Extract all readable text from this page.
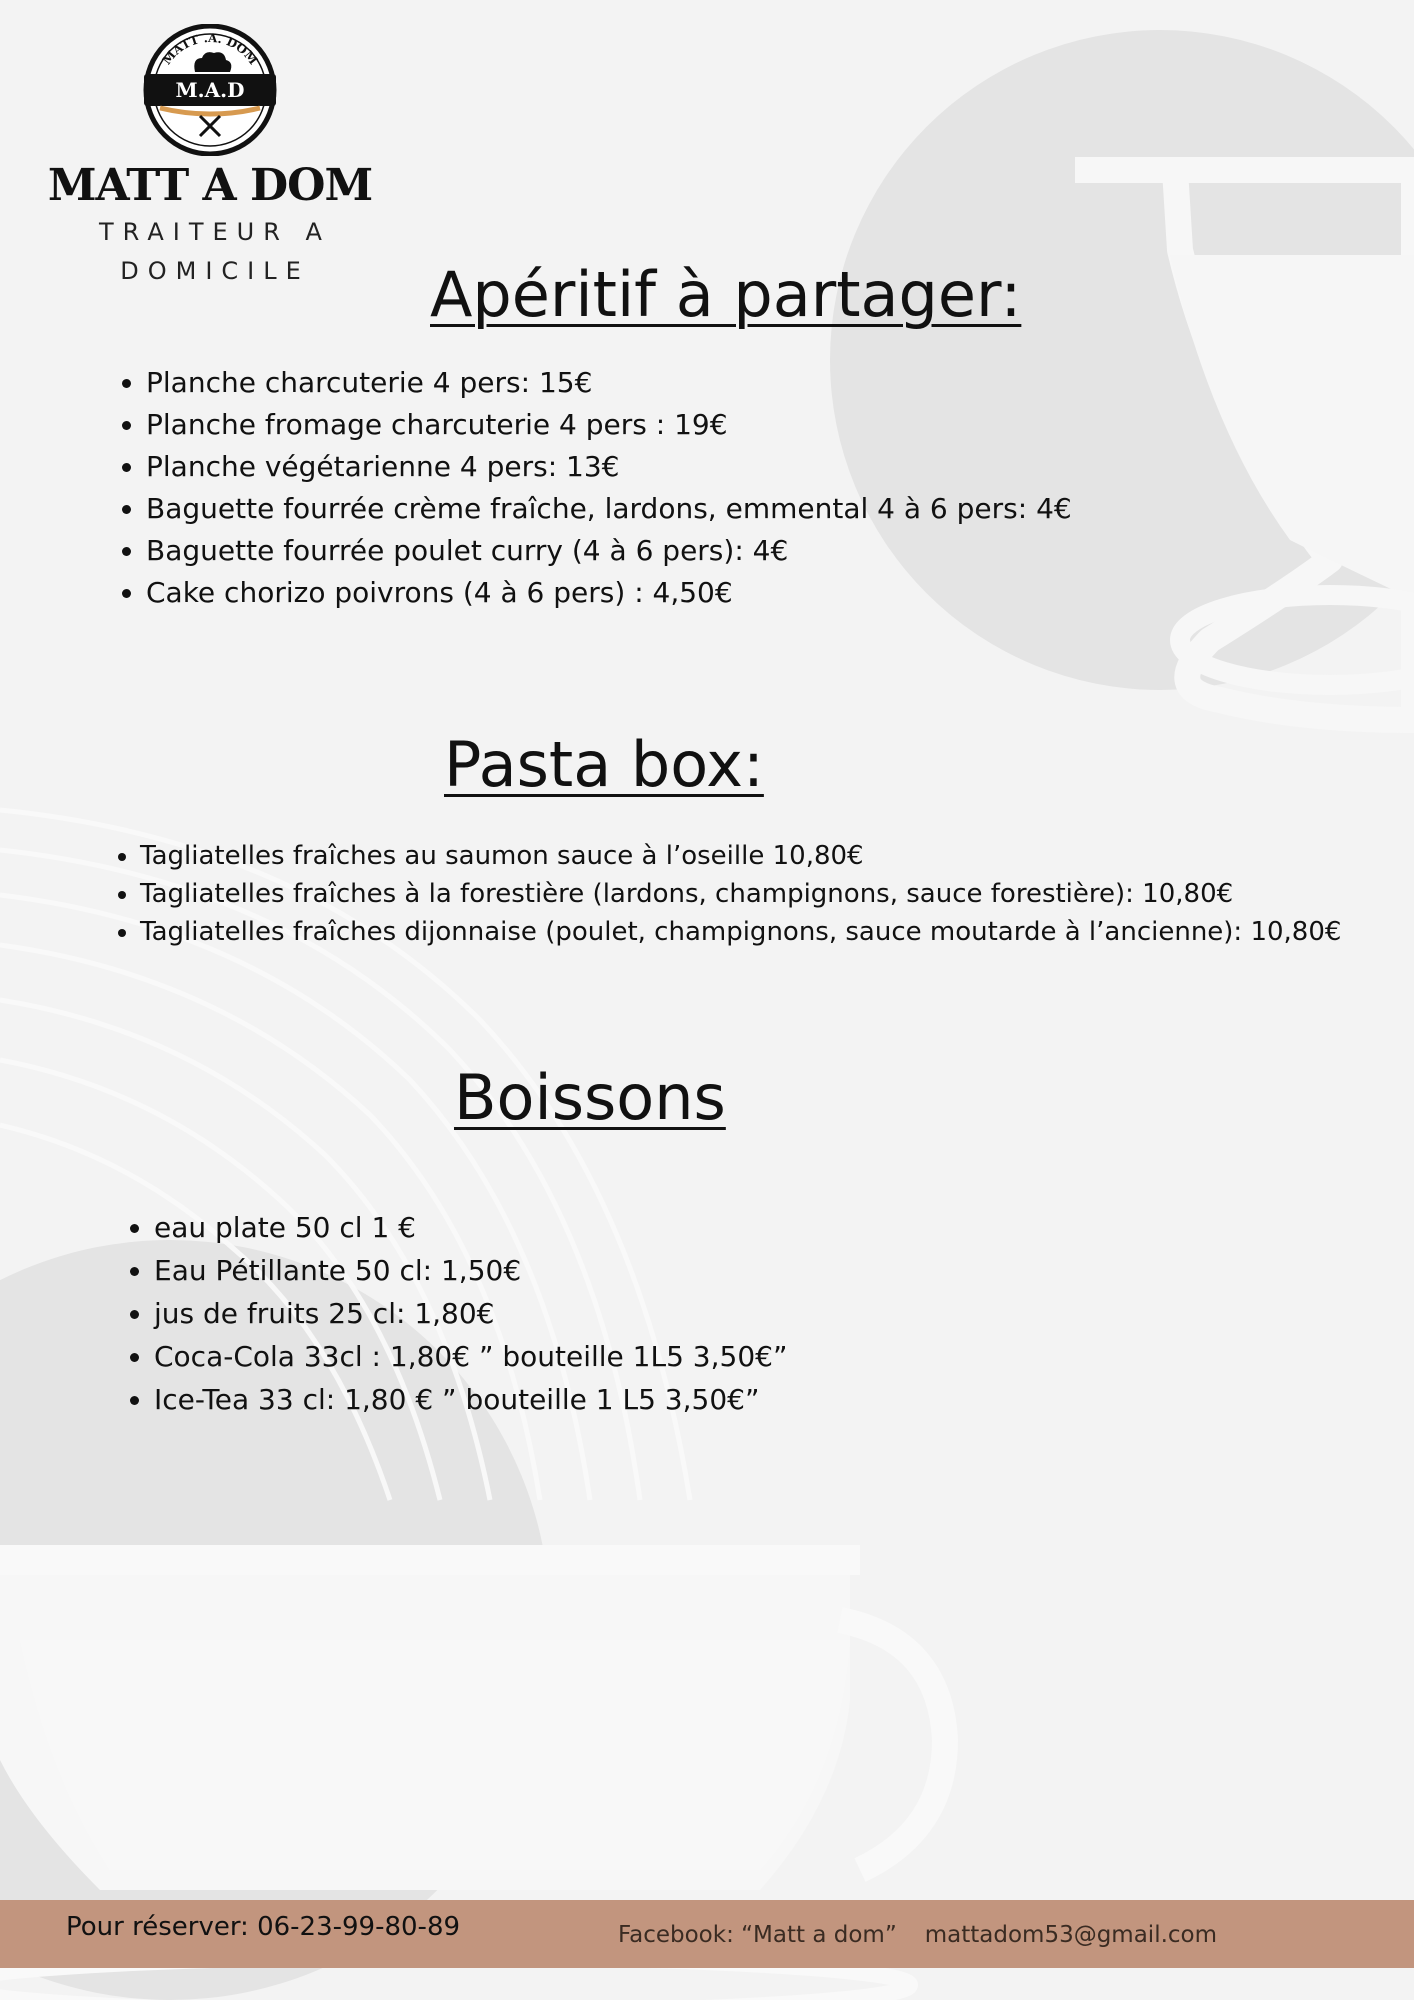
MATT .A. DOM
M.A.D
MATT A DOM
TRAITEUR A
DOMICILE	Apéritif à partager:
• Planche charcuterie 4 pers: 15€
• Planche fromage charcuterie 4 pers : 19€
• Planche végétarienne 4 pers: 13€
• Baguette fourrée crème fraîche, lardons, emmental 4 à 6 pers: 4€
• Baguette fourrée poulet curry (4 à 6 pers): 4€
• Cake chorizo poivrons (4 à 6 pers) : 4,50€
Pasta box:
• Tagliatelles fraîches au saumon sauce à l’oseille 10,80€
• Tagliatelles fraîches à la forestière (lardons, champignons, sauce forestière): 10,80€
• Tagliatelles fraîches dijonnaise (poulet, champignons, sauce moutarde à l’ancienne): 10,80€
Boissons
• eau plate 50 cl 1 €
• Eau Pétillante 50 cl: 1,50€
• jus de fruits 25 cl: 1,80€
• Coca-Cola 33cl : 1,80€ ” bouteille 1L5 3,50€”
• Ice-Tea 33 cl: 1,80 € ” bouteille 1 L5 3,50€”
Pour réserver: 06-23-99-80-89	Facebook: “Matt a dom” mattadom53@gmail.com
